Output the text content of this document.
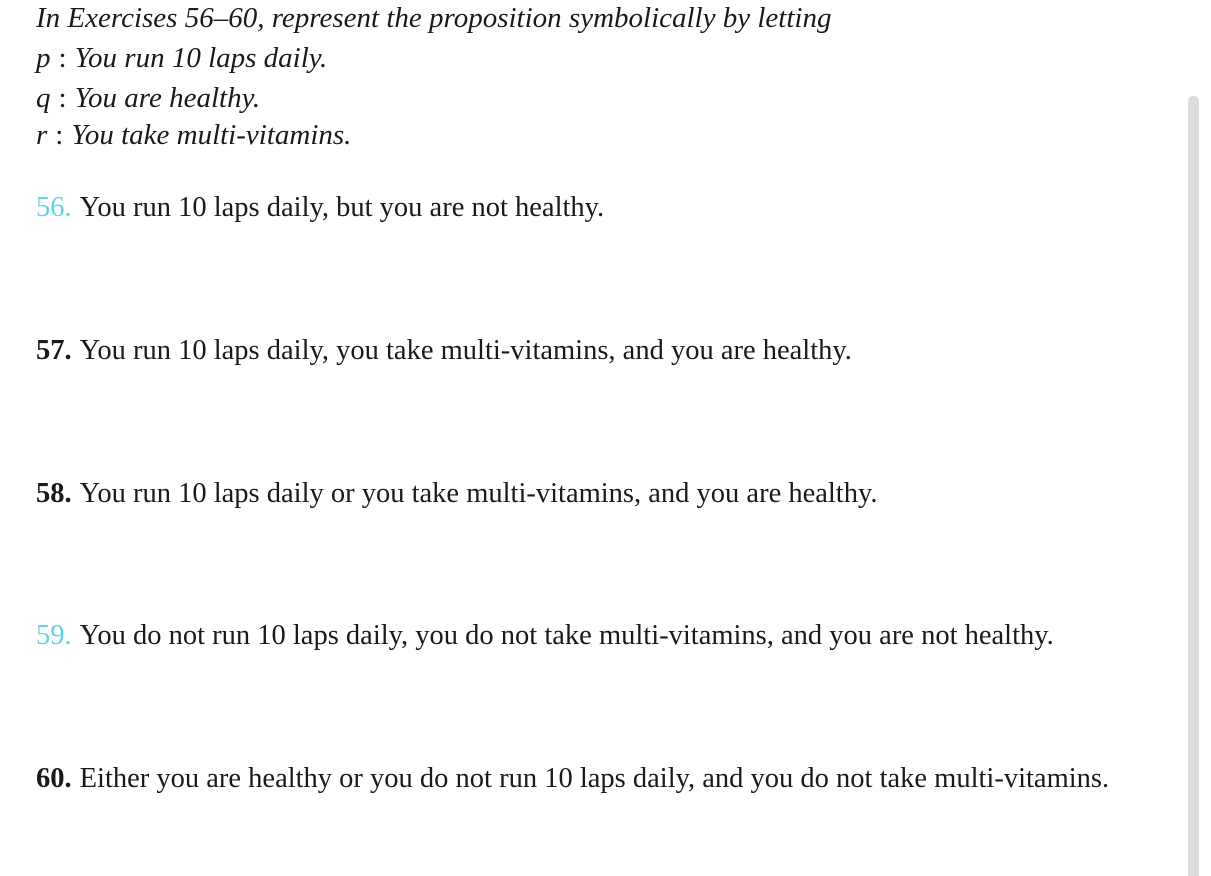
In Exercises 56–60, represent the proposition symbolically by letting
p : You run 10 laps daily.
q : You are healthy.
r : You take multi-vitamins.
56. You run 10 laps daily, but you are not healthy.
57. You run 10 laps daily, you take multi-vitamins, and you are healthy.
58. You run 10 laps daily or you take multi-vitamins, and you are healthy.
59. You do not run 10 laps daily, you do not take multi-vitamins, and you are not healthy.
60. Either you are healthy or you do not run 10 laps daily, and you do not take multi-vitamins.
